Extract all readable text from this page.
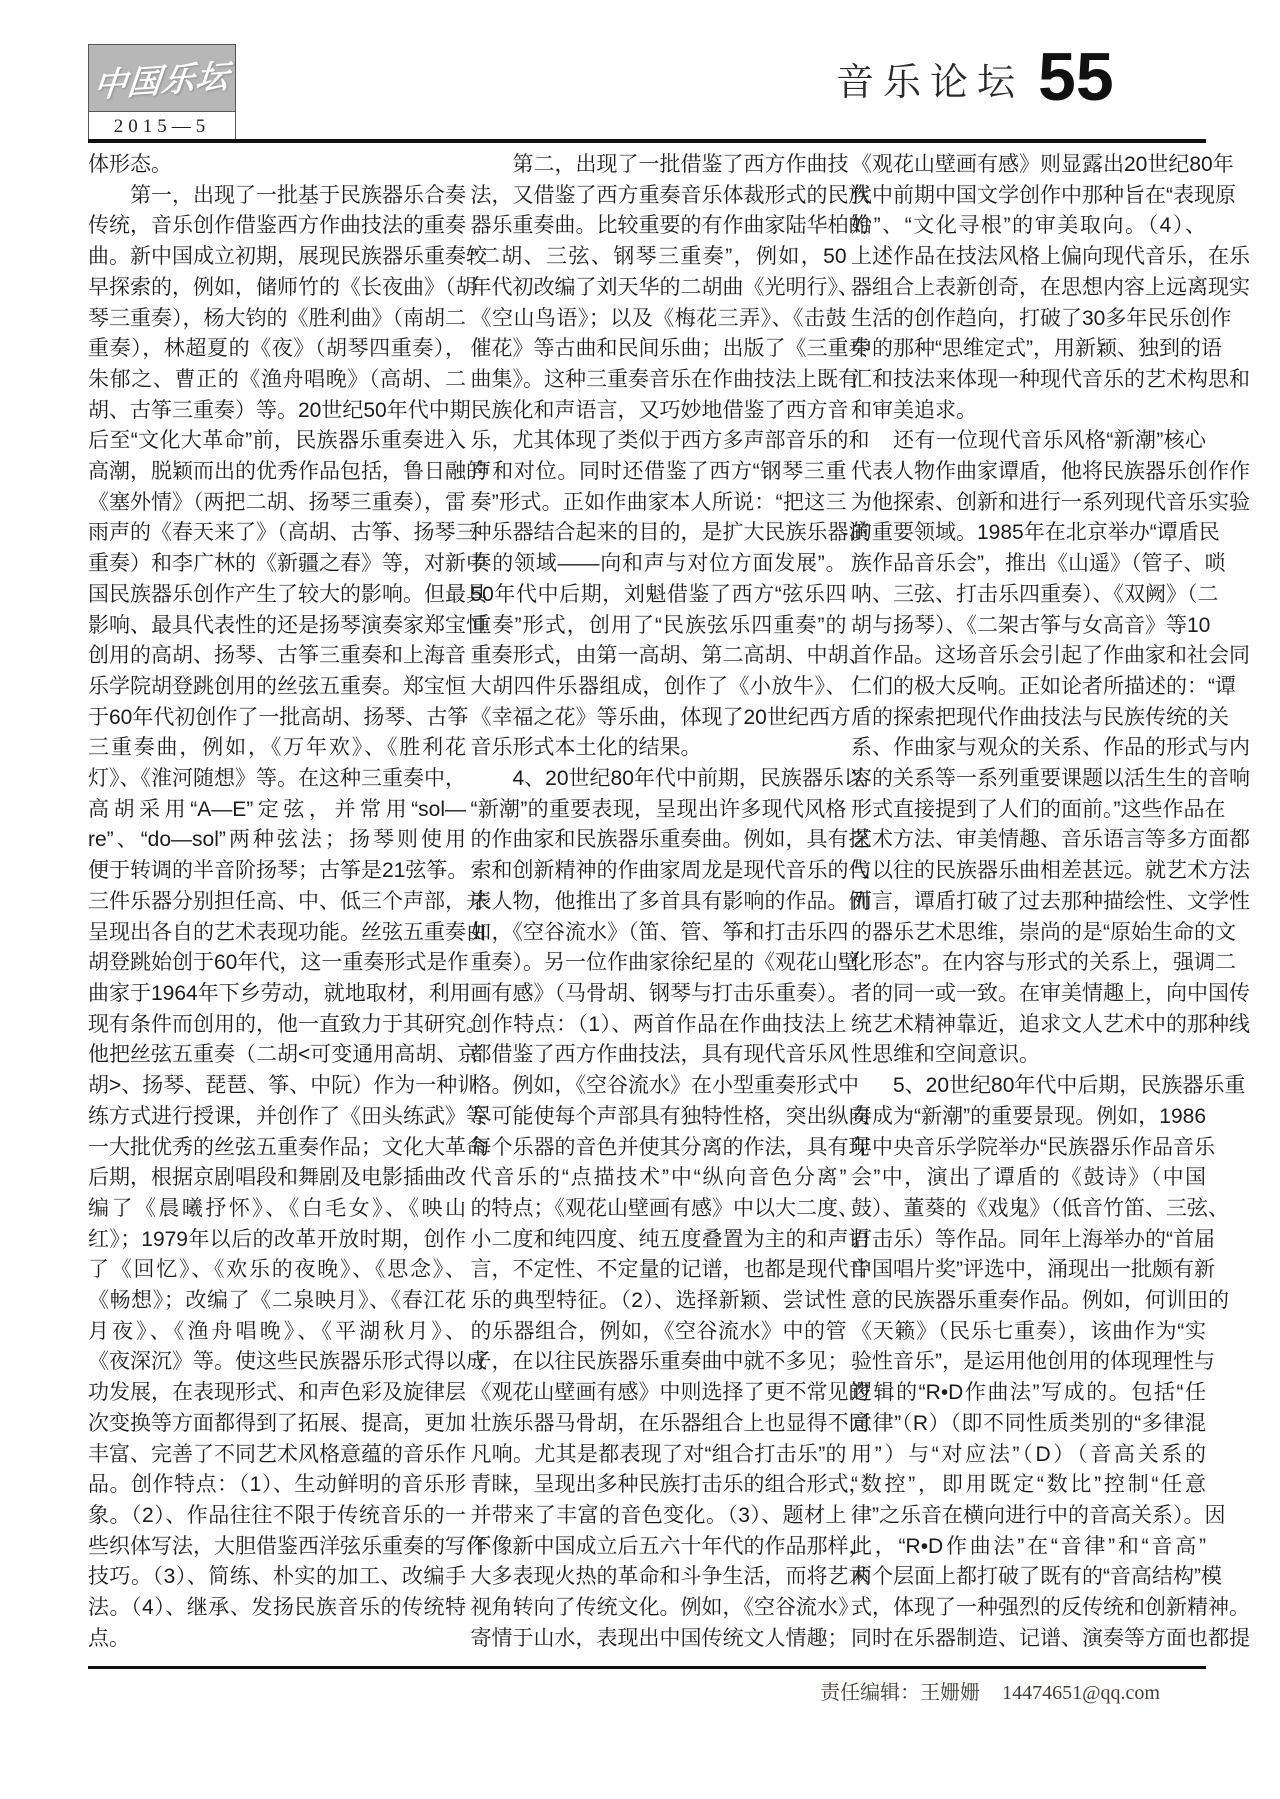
中国乐坛
2015—5
音乐论坛 55
体形态。
第一，出现了一批基于民族器乐合奏
传统，音乐创作借鉴西方作曲技法的重奏
曲。新中国成立初期，展现民族器乐重奏较
早探索的，例如，储师竹的《长夜曲》（胡
琴三重奏），杨大钧的《胜利曲》（南胡二
重奏），林超夏的《夜》（胡琴四重奏），
朱郁之、曹正的《渔舟唱晚》（高胡、二
胡、古筝三重奏）等。20世纪50年代中期
后至“文化大革命”前，民族器乐重奏进入
高潮，脱颖而出的优秀作品包括，鲁日融的
《塞外情》（两把二胡、扬琴三重奏），雷
雨声的《春天来了》（高胡、古筝、扬琴三
重奏）和李广林的《新疆之春》等，对新中
国民族器乐创作产生了较大的影响。但最具
影响、最具代表性的还是扬琴演奏家郑宝恒
创用的高胡、扬琴、古筝三重奏和上海音
乐学院胡登跳创用的丝弦五重奏。郑宝恒
于60年代初创作了一批高胡、扬琴、古筝
三重奏曲，例如，《万年欢》、《胜利花
灯》、《淮河随想》等。在这种三重奏中，
高胡采用“A—E”定弦，并常用“sol—
re”、“do—sol”两种弦法；扬琴则使用
便于转调的半音阶扬琴；古筝是21弦筝。
三件乐器分别担任高、中、低三个声部，并
呈现出各自的艺术表现功能。丝弦五重奏由
胡登跳始创于60年代，这一重奏形式是作
曲家于1964年下乡劳动，就地取材，利用
现有条件而创用的，他一直致力于其研究。
他把丝弦五重奏（二胡<可变通用高胡、京
胡>、扬琴、琵琶、筝、中阮）作为一种训
练方式进行授课，并创作了《田头练武》等
一大批优秀的丝弦五重奏作品；文化大革命
后期，根据京剧唱段和舞剧及电影插曲改
编了《晨曦抒怀》、《白毛女》、《映山
红》；1979年以后的改革开放时期，创作
了《回忆》、《欢乐的夜晚》、《思念》、
《畅想》；改编了《二泉映月》、《春江花
月夜》、《渔舟唱晚》、《平湖秋月》、
《夜深沉》等。使这些民族器乐形式得以成
功发展，在表现形式、和声色彩及旋律层
次变换等方面都得到了拓展、提高，更加
丰富、完善了不同艺术风格意蕴的音乐作
品。创作特点：（1）、生动鲜明的音乐形
象。（2）、作品往往不限于传统音乐的一
些织体写法，大胆借鉴西洋弦乐重奏的写作
技巧。（3）、简练、朴实的加工、改编手
法。（4）、继承、发扬民族音乐的传统特
点。
第二，出现了一批借鉴了西方作曲技
法，又借鉴了西方重奏音乐体裁形式的民族
器乐重奏曲。比较重要的有作曲家陆华柏的
“二胡、三弦、钢琴三重奏”，例如，50
年代初改编了刘天华的二胡曲《光明行》、
《空山鸟语》；以及《梅花三弄》、《击鼓
催花》等古曲和民间乐曲；出版了《三重奏
曲集》。这种三重奏音乐在作曲技法上既有
民族化和声语言，又巧妙地借鉴了西方音
乐，尤其体现了类似于西方多声部音乐的和
声和对位。同时还借鉴了西方“钢琴三重
奏”形式。正如作曲家本人所说：“把这三
种乐器结合起来的目的，是扩大民族乐器演
奏的领域——向和声与对位方面发展”。
50年代中后期，刘魁借鉴了西方“弦乐四
重奏”形式，创用了“民族弦乐四重奏”的
重奏形式，由第一高胡、第二高胡、中胡、
大胡四件乐器组成，创作了《小放牛》、
《幸福之花》等乐曲，体现了20世纪西方
音乐形式本土化的结果。
4、20世纪80年代中前期，民族器乐以
“新潮”的重要表现，呈现出许多现代风格
的作曲家和民族器乐重奏曲。例如，具有探
索和创新精神的作曲家周龙是现代音乐的代
表人物，他推出了多首具有影响的作品。例
如，《空谷流水》（笛、管、筝和打击乐四
重奏）。另一位作曲家徐纪星的《观花山壁
画有感》（马骨胡、钢琴与打击乐重奏）。
创作特点：（1）、两首作品在作曲技法上
都借鉴了西方作曲技法，具有现代音乐风
格。例如，《空谷流水》在小型重奏形式中
尽可能使每个声部具有独特性格，突出纵向
每个乐器的音色并使其分离的作法，具有现
代音乐的“点描技术”中“纵向音色分离”
的特点；《观花山壁画有感》中以大二度、
小二度和纯四度、纯五度叠置为主的和声语
言，不定性、不定量的记谱，也都是现代音
乐的典型特征。（2）、选择新颖、尝试性
的乐器组合，例如，《空谷流水》中的管
子，在以往民族器乐重奏曲中就不多见；
《观花山壁画有感》中则选择了更不常见的
壮族乐器马骨胡，在乐器组合上也显得不同
凡响。尤其是都表现了对“组合打击乐”的
青睐，呈现出多种民族打击乐的组合形式，
并带来了丰富的音色变化。（3）、题材上
不像新中国成立后五六十年代的作品那样，
大多表现火热的革命和斗争生活，而将艺术
视角转向了传统文化。例如，《空谷流水》
寄情于山水，表现出中国传统文人情趣；
《观花山壁画有感》则显露出20世纪80年
代中前期中国文学创作中那种旨在“表现原
始”、“文化寻根”的审美取向。（4）、
上述作品在技法风格上偏向现代音乐，在乐
器组合上表新创奇，在思想内容上远离现实
生活的创作趋向，打破了30多年民乐创作
中的那种“思维定式”，用新颖、独到的语
汇和技法来体现一种现代音乐的艺术构思和
和审美追求。
还有一位现代音乐风格“新潮”核心
代表人物作曲家谭盾，他将民族器乐创作作
为他探索、创新和进行一系列现代音乐实验
的重要领域。1985年在北京举办“谭盾民
族作品音乐会”，推出《山遥》（管子、唢
呐、三弦、打击乐四重奏）、《双阙》（二
胡与扬琴）、《二架古筝与女高音》等10
首作品。这场音乐会引起了作曲家和社会同
仁们的极大反响。正如论者所描述的：“谭
盾的探索把现代作曲技法与民族传统的关
系、作曲家与观众的关系、作品的形式与内
容的关系等一系列重要课题以活生生的音响
形式直接提到了人们的面前。”这些作品在
艺术方法、审美情趣、音乐语言等多方面都
与以往的民族器乐曲相差甚远。就艺术方法
而言，谭盾打破了过去那种描绘性、文学性
的器乐艺术思维，崇尚的是“原始生命的文
化形态”。在内容与形式的关系上，强调二
者的同一或一致。在审美情趣上，向中国传
统艺术精神靠近，追求文人艺术中的那种线
性思维和空间意识。
5、20世纪80年代中后期，民族器乐重
奏成为“新潮”的重要景现。例如，1986
年中央音乐学院举办“民族器乐作品音乐
会”中，演出了谭盾的《鼓诗》（中国
鼓）、董葵的《戏鬼》（低音竹笛、三弦、
打击乐）等作品。同年上海举办的“首届
中国唱片奖”评选中，涌现出一批颇有新
意的民族器乐重奏作品。例如，何训田的
《天籁》（民乐七重奏），该曲作为“实
验性音乐”，是运用他创用的体现理性与
逻辑的“R•D作曲法”写成的。包括“任
意律”（R）（即不同性质类别的“多律混
用”）与“对应法”（D）（音高关系的
“数控”，即用既定“数比”控制“任意
律”之乐音在横向进行中的音高关系）。因
此，“R•D作曲法”在“音律”和“音高”
两个层面上都打破了既有的“音高结构”模
式，体现了一种强烈的反传统和创新精神。
同时在乐器制造、记谱、演奏等方面也都提
责任编辑：王姗姗 14474651@qq.com
